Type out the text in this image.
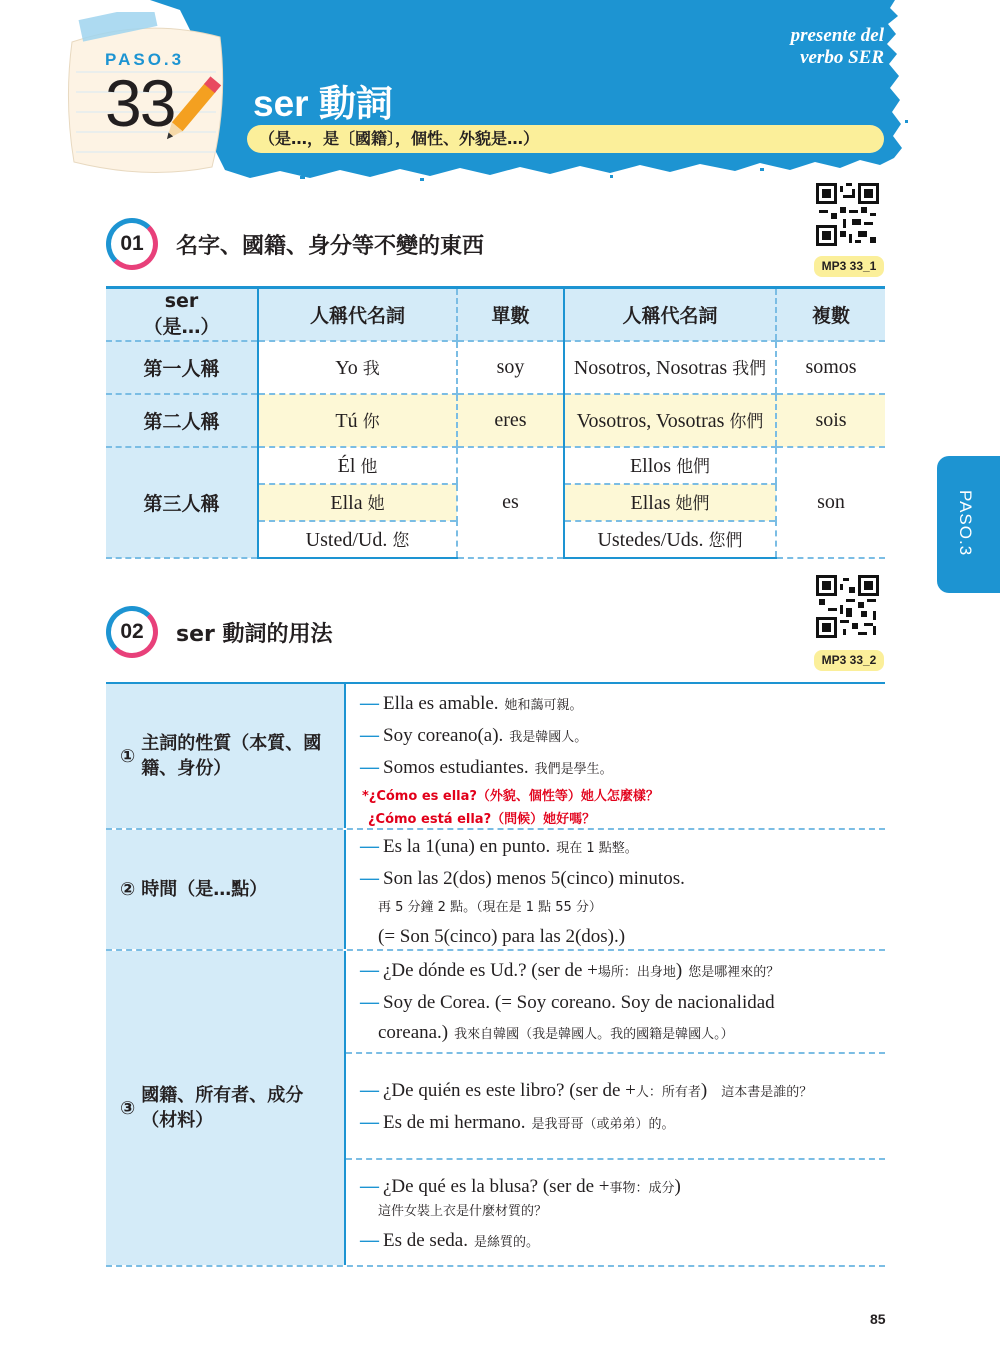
PASO.3
33 ser 動詞
（是…，是〔國籍〕，個性、外貌是…）
presente del
verbo SER
PASO.3
01	名字、國籍、身分等不變的東西
MP3 33_1
ser
（是…）	人稱代名詞	單數	人稱代名詞	複數
第一人稱	Yo 我	soy	Nosotros, Nosotras 我們	somos
第二人稱	Tú 你	eres	Vosotros, Vosotras 你們	sois
第三人稱	Él 他	es	Ellos 他們	son
	Ella 她		Ellas 她們	
	Usted/Ud. 您		Ustedes/Uds. 您們	
02	ser 動詞的用法
MP3 33_2
①
主詞的性質（本質、國籍、身份）
— Ella es amable. 她和藹可親。
— Soy coreano(a). 我是韓國人。
— Somos estudiantes. 我們是學生。
*¿Cómo es ella?（外貌、個性等）她人怎麼樣？
¿Cómo está ella?（問候）她好嗎？
② 時間（是…點）
— Es la 1(una) en punto. 現在 1 點整。
— Son las 2(dos) menos 5(cinco) minutos.
再 5 分鐘 2 點。（現在是 1 點 55 分）
(= Son 5(cinco) para las 2(dos).)
③
國籍、所有者、成分（材料）
— ¿De dónde es Ud.? (ser de +場所：出身地) 您是哪裡來的？
— Soy de Corea. (= Soy coreano. Soy de nacionalidad
coreana.) 我來自韓國（我是韓國人。我的國籍是韓國人。）
— ¿De quién es este libro? (ser de +人：所有者) 這本書是誰的？
— Es de mi hermano. 是我哥哥（或弟弟）的。
— ¿De qué es la blusa? (ser de +事物：成分)
這件女裝上衣是什麼材質的？
— Es de seda. 是絲質的。
85
